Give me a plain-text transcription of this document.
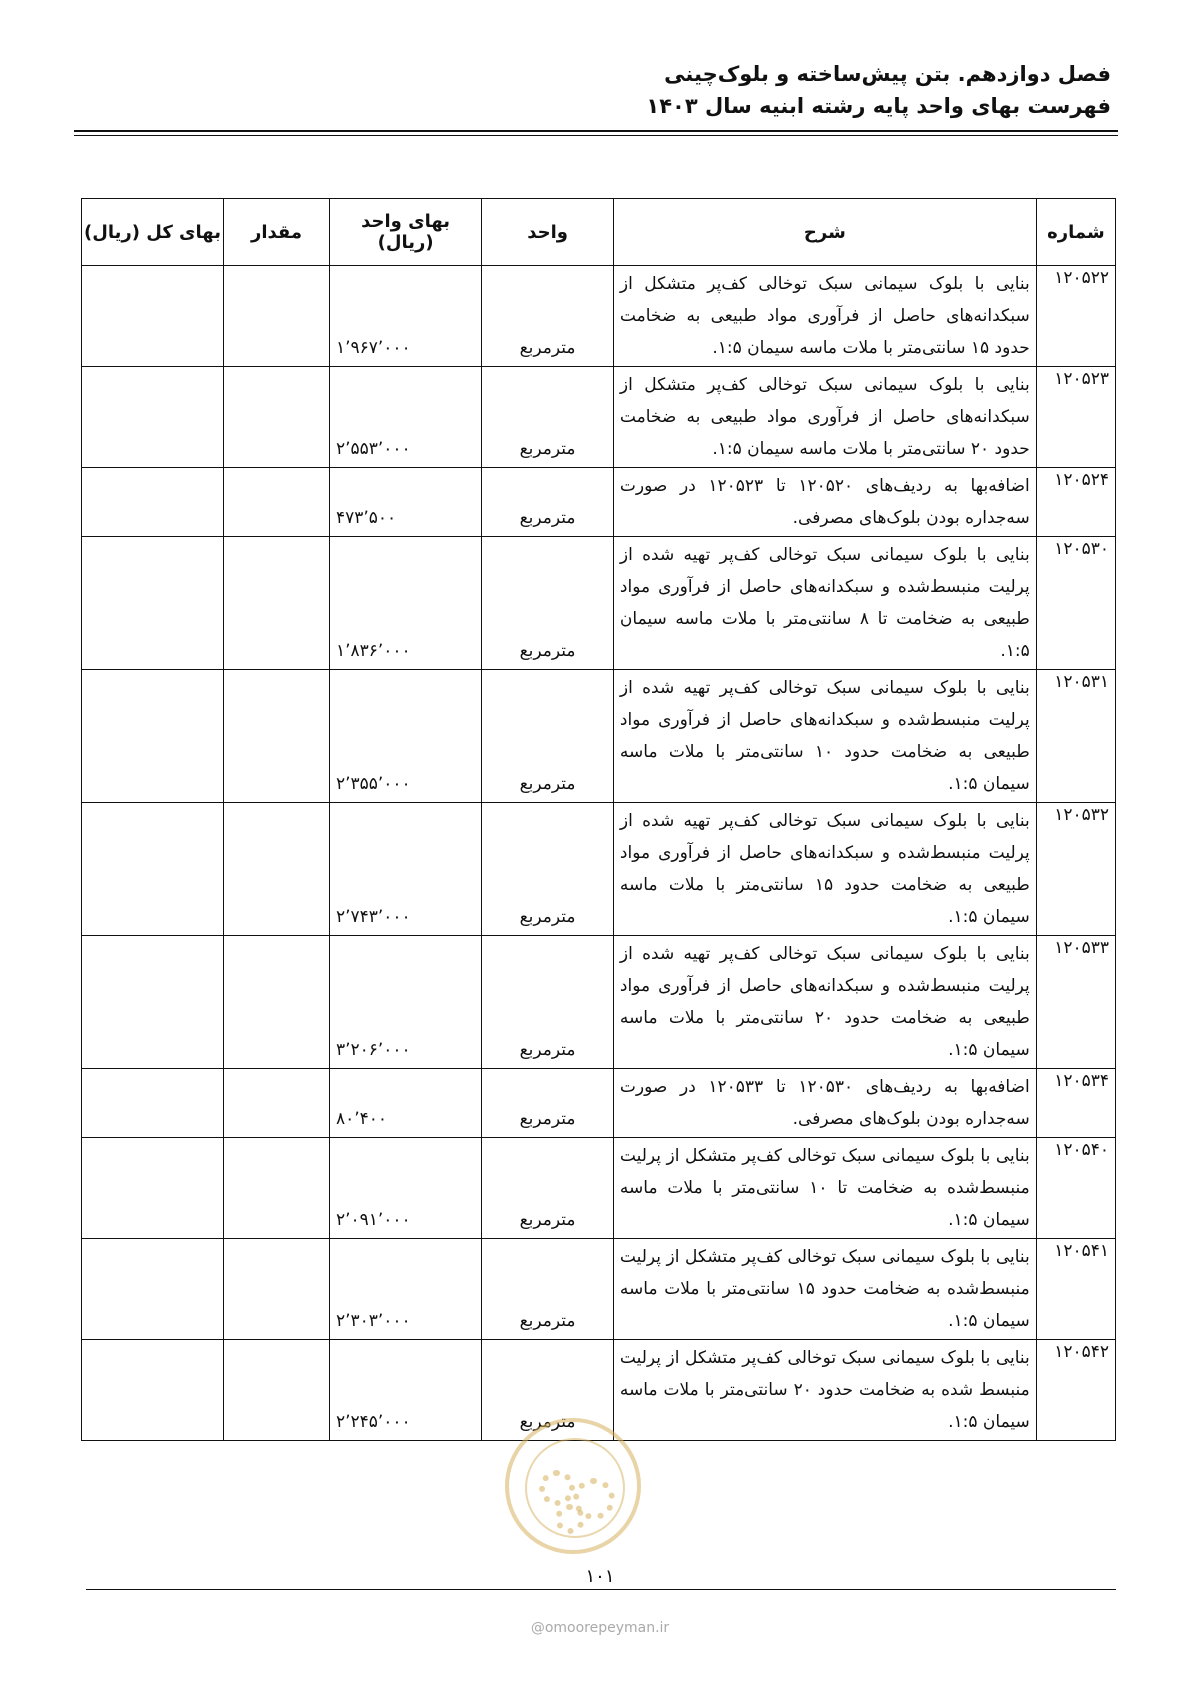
فصل دوازدهم. بتن پیش‌ساخته و بلوک‌چینی
فهرست بهای واحد پایه رشته ابنیه سال ۱۴۰۳
شماره	شرح	واحد	بهای واحد (ریال)	مقدار	بهای کل (ریال)
۱۲۰۵۲۲	بنایی با بلوک سیمانی سبک توخالی کف‌پر متشکل از سبکدانه‌های حاصل از فرآوری مواد طبیعی به ضخامت حدود ۱۵ سانتی‌متر با ملات ماسه سیمان ۱:۵.	مترمربع	۱٬۹۶۷٬۰۰۰		
۱۲۰۵۲۳	بنایی با بلوک سیمانی سبک توخالی کف‌پر متشکل از سبکدانه‌های حاصل از فرآوری مواد طبیعی به ضخامت حدود ۲۰ سانتی‌متر با ملات ماسه سیمان ۱:۵.	مترمربع	۲٬۵۵۳٬۰۰۰		
۱۲۰۵۲۴	اضافه‌بها به ردیف‌های ۱۲۰۵۲۰ تا ۱۲۰۵۲۳ در صورت سه‌جداره بودن بلوک‌های مصرفی.	مترمربع	۴۷۳٬۵۰۰		
۱۲۰۵۳۰	بنایی با بلوک سیمانی سبک توخالی کف‌پر تهیه شده از پرلیت منبسط‌شده و سبکدانه‌های حاصل از فرآوری مواد طبیعی به ضخامت تا ۸ سانتی‌متر با ملات ماسه سیمان ۱:۵.	مترمربع	۱٬۸۳۶٬۰۰۰		
۱۲۰۵۳۱	بنایی با بلوک سیمانی سبک توخالی کف‌پر تهیه شده از پرلیت منبسط‌شده و سبکدانه‌های حاصل از فرآوری مواد طبیعی به ضخامت حدود ۱۰ سانتی‌متر با ملات ماسه سیمان ۱:۵.	مترمربع	۲٬۳۵۵٬۰۰۰		
۱۲۰۵۳۲	بنایی با بلوک سیمانی سبک توخالی کف‌پر تهیه شده از پرلیت منبسط‌شده و سبکدانه‌های حاصل از فرآوری مواد طبیعی به ضخامت حدود ۱۵ سانتی‌متر با ملات ماسه سیمان ۱:۵.	مترمربع	۲٬۷۴۳٬۰۰۰		
۱۲۰۵۳۳	بنایی با بلوک سیمانی سبک توخالی کف‌پر تهیه شده از پرلیت منبسط‌شده و سبکدانه‌های حاصل از فرآوری مواد طبیعی به ضخامت حدود ۲۰ سانتی‌متر با ملات ماسه سیمان ۱:۵.	مترمربع	۳٬۲۰۶٬۰۰۰		
۱۲۰۵۳۴	اضافه‌بها به ردیف‌های ۱۲۰۵۳۰ تا ۱۲۰۵۳۳ در صورت سه‌جداره بودن بلوک‌های مصرفی.	مترمربع	۸۰٬۴۰۰		
۱۲۰۵۴۰	بنایی با بلوک سیمانی سبک توخالی کف‌پر متشکل از پرلیت منبسط‌شده به ضخامت تا ۱۰ سانتی‌متر با ملات ماسه سیمان ۱:۵.	مترمربع	۲٬۰۹۱٬۰۰۰		
۱۲۰۵۴۱	بنایی با بلوک سیمانی سبک توخالی کف‌پر متشکل از پرلیت منبسط‌شده به ضخامت حدود ۱۵ سانتی‌متر با ملات ماسه سیمان ۱:۵.	مترمربع	۲٬۳۰۳٬۰۰۰		
۱۲۰۵۴۲	بنایی با بلوک سیمانی سبک توخالی کف‌پر متشکل از پرلیت منبسط شده به ضخامت حدود ۲۰ سانتی‌متر با ملات ماسه سیمان ۱:۵.	مترمربع	۲٬۲۴۵٬۰۰۰		
۱۰۱
@omoorepeyman.ir
